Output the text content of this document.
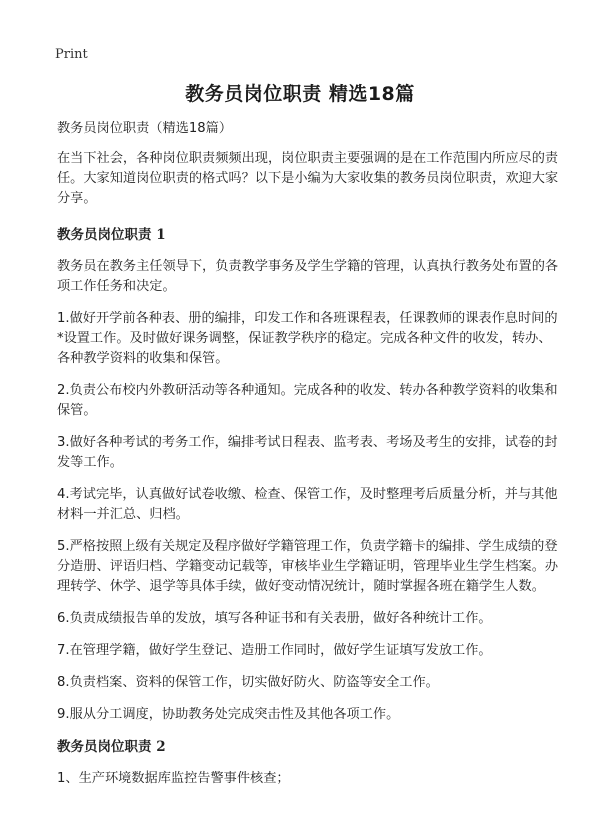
Print
教务员岗位职责 精选18篇

教务员岗位职责（精选18篇）

在当下社会，各种岗位职责频频出现，岗位职责主要强调的是在工作范围内所应尽的责任。大家知道岗位职责的格式吗？以下是小编为大家收集的教务员岗位职责，欢迎大家分享。

教务员岗位职责 1

教务员在教务主任领导下，负责教学事务及学生学籍的管理，认真执行教务处布置的各项工作任务和决定。

1.做好开学前各种表、册的编排，印发工作和各班课程表，任课教师的课表作息时间的*设置工作。及时做好课务调整，保证教学秩序的稳定。完成各种文件的收发，转办、各种教学资料的收集和保管。

2.负责公布校内外教研活动等各种通知。完成各种的收发、转办各种教学资料的收集和保管。

3.做好各种考试的考务工作，编排考试日程表、监考表、考场及考生的安排，试卷的封发等工作。

4.考试完毕，认真做好试卷收缴、检查、保管工作，及时整理考后质量分析，并与其他材料一并汇总、归档。

5.严格按照上级有关规定及程序做好学籍管理工作，负责学籍卡的编排、学生成绩的登分造册、评语归档、学籍变动记载等，审核毕业生学籍证明，管理毕业生学生档案。办理转学、休学、退学等具体手续，做好变动情况统计，随时掌握各班在籍学生人数。

6.负责成绩报告单的发放，填写各种证书和有关表册，做好各种统计工作。

7.在管理学籍，做好学生登记、造册工作同时，做好学生证填写发放工作。

8.负责档案、资料的保管工作，切实做好防火、防盗等安全工作。

9.服从分工调度，协助教务处完成突击性及其他各项工作。

教务员岗位职责 2

1、生产环境数据库监控告警事件核查；
